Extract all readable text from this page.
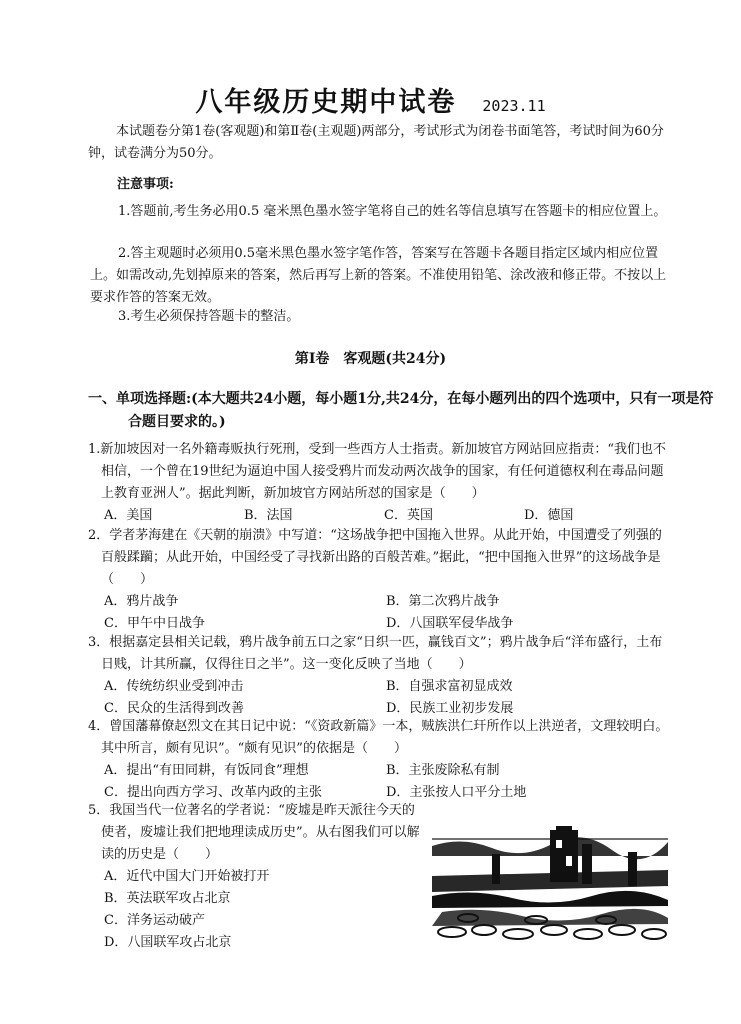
八年级历史期中试卷 2023.11

本试题卷分第1卷(客观题)和第Ⅱ卷(主观题)两部分，考试形式为闭卷书面笔答，考试时间为60分钟，试卷满分为50分。

注意事项:

1.答题前,考生务必用0.5 毫米黑色墨水签字笔将自己的姓名等信息填写在答题卡的相应位置上。

2.答主观题时必须用0.5毫米黑色墨水签字笔作答，答案写在答题卡各题目指定区域内相应位置上。如需改动,先划掉原来的答案，然后再写上新的答案。不准使用铅笔、涂改液和修正带。不按以上要求作答的答案无效。

3.考生必须保持答题卡的整洁。

第Ⅰ卷　客观题(共24分)

一、单项选择题:(本大题共24小题，每小题1分,共24分，在每小题列出的四个选项中，只有一项是符合题目要求的。)

1.新加坡因对一名外籍毒贩执行死刑，受到一些西方人士指责。新加坡官方网站回应指责：“我们也不相信，一个曾在19世纪为逼迫中国人接受鸦片而发动两次战争的国家，有任何道德权利在毒品问题上教育亚洲人”。据此判断，新加坡官方网站所怼的国家是（　　）

A．美国	B．法国	C．英国	D．德国

2．学者茅海建在《天朝的崩溃》中写道：“这场战争把中国拖入世界。从此开始，中国遭受了列强的百般蹂躏；从此开始，中国经受了寻找新出路的百般苦难。”据此，“把中国拖入世界”的这场战争是（　　）

A．鸦片战争	B．第二次鸦片战争
C．甲午中日战争	D．八国联军侵华战争

3．根据嘉定县相关记载，鸦片战争前五口之家“日织一匹，赢钱百文”；鸦片战争后“洋布盛行，土布日贱，计其所赢，仅得往日之半”。这一变化反映了当地（　　）

A．传统纺织业受到冲击	B．自强求富初显成效
C．民众的生活得到改善	D．民族工业初步发展

4．曾国藩幕僚赵烈文在其日记中说：“《资政新篇》一本，贼族洪仁玕所作以上洪逆者，文理较明白。其中所言，颇有见识”。“颇有见识”的依据是（　　）

A．提出“有田同耕，有饭同食”理想	B．主张废除私有制
C．提出向西方学习、改革内政的主张	D．主张按人口平分土地

5．我国当代一位著名的学者说：“废墟是昨天派往今天的使者，废墟让我们把地理读成历史”。从右图我们可以解读的历史是（　　）

A．近代中国大门开始被打开
B．英法联军攻占北京
C．洋务运动破产
D．八国联军攻占北京
